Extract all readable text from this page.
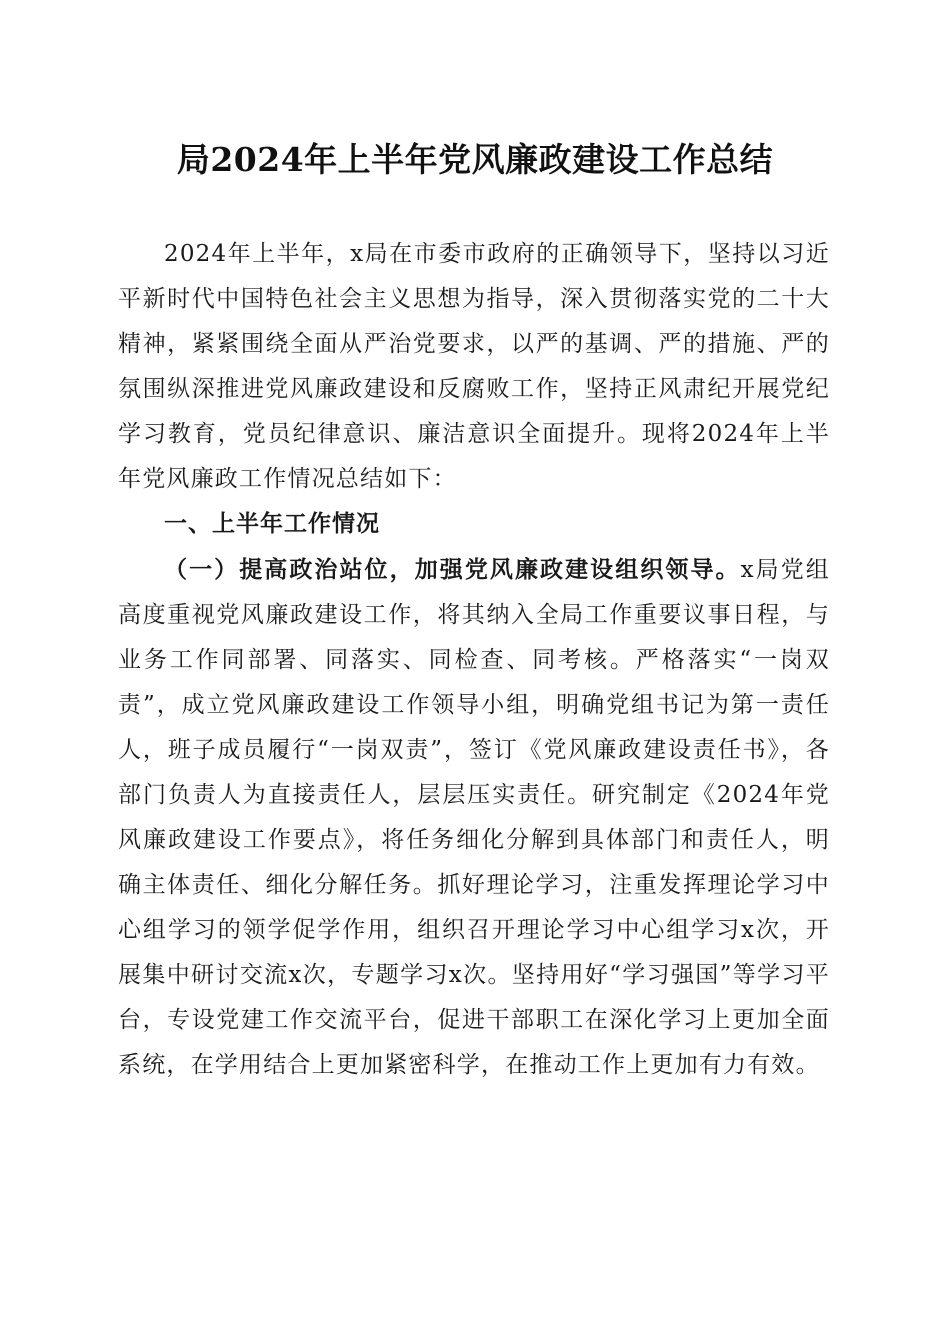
局2024年上半年党风廉政建设工作总结

2024年上半年，x局在市委市政府的正确领导下，坚持以习近平新时代中国特色社会主义思想为指导，深入贯彻落实党的二十大精神，紧紧围绕全面从严治党要求，以严的基调、严的措施、严的氛围纵深推进党风廉政建设和反腐败工作，坚持正风肃纪开展党纪学习教育，党员纪律意识、廉洁意识全面提升。现将2024年上半年党风廉政工作情况总结如下：

一、上半年工作情况

（一）提高政治站位，加强党风廉政建设组织领导。x局党组高度重视党风廉政建设工作，将其纳入全局工作重要议事日程，与业务工作同部署、同落实、同检查、同考核。严格落实“一岗双责”，成立党风廉政建设工作领导小组，明确党组书记为第一责任人，班子成员履行“一岗双责”，签订《党风廉政建设责任书》，各部门负责人为直接责任人，层层压实责任。研究制定《2024年党风廉政建设工作要点》，将任务细化分解到具体部门和责任人，明确主体责任、细化分解任务。抓好理论学习，注重发挥理论学习中心组学习的领学促学作用，组织召开理论学习中心组学习x次，开展集中研讨交流x次，专题学习x次。坚持用好“学习强国”等学习平台，专设党建工作交流平台，促进干部职工在深化学习上更加全面系统，在学用结合上更加紧密科学，在推动工作上更加有力有效。
